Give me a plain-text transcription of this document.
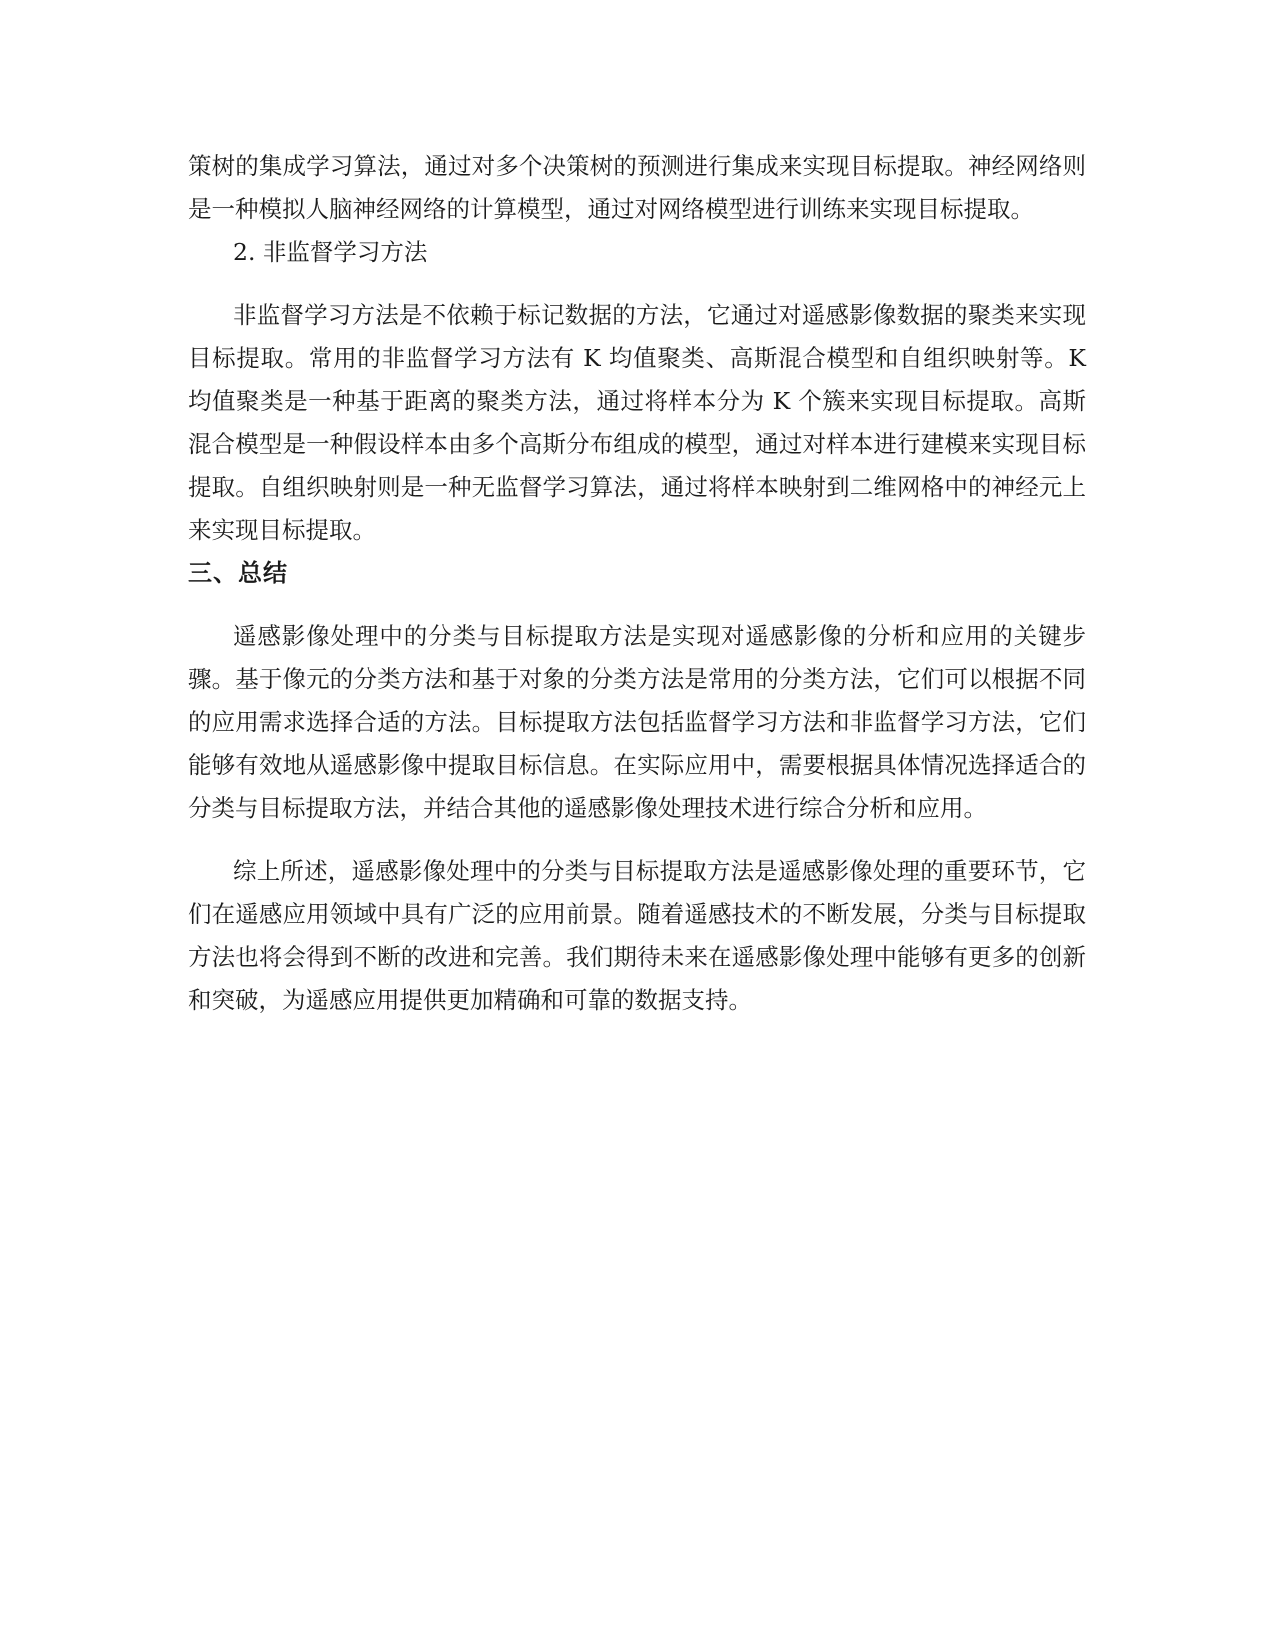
策树的集成学习算法，通过对多个决策树的预测进行集成来实现目标提取。神经网络则是一种模拟人脑神经网络的计算模型，通过对网络模型进行训练来实现目标提取。

2. 非监督学习方法

非监督学习方法是不依赖于标记数据的方法，它通过对遥感影像数据的聚类来实现目标提取。常用的非监督学习方法有 K 均值聚类、高斯混合模型和自组织映射等。K 均值聚类是一种基于距离的聚类方法，通过将样本分为 K 个簇来实现目标提取。高斯混合模型是一种假设样本由多个高斯分布组成的模型，通过对样本进行建模来实现目标提取。自组织映射则是一种无监督学习算法，通过将样本映射到二维网格中的神经元上来实现目标提取。

三、总结

遥感影像处理中的分类与目标提取方法是实现对遥感影像的分析和应用的关键步骤。基于像元的分类方法和基于对象的分类方法是常用的分类方法，它们可以根据不同的应用需求选择合适的方法。目标提取方法包括监督学习方法和非监督学习方法，它们能够有效地从遥感影像中提取目标信息。在实际应用中，需要根据具体情况选择适合的分类与目标提取方法，并结合其他的遥感影像处理技术进行综合分析和应用。

综上所述，遥感影像处理中的分类与目标提取方法是遥感影像处理的重要环节，它们在遥感应用领域中具有广泛的应用前景。随着遥感技术的不断发展，分类与目标提取方法也将会得到不断的改进和完善。我们期待未来在遥感影像处理中能够有更多的创新和突破，为遥感应用提供更加精确和可靠的数据支持。
